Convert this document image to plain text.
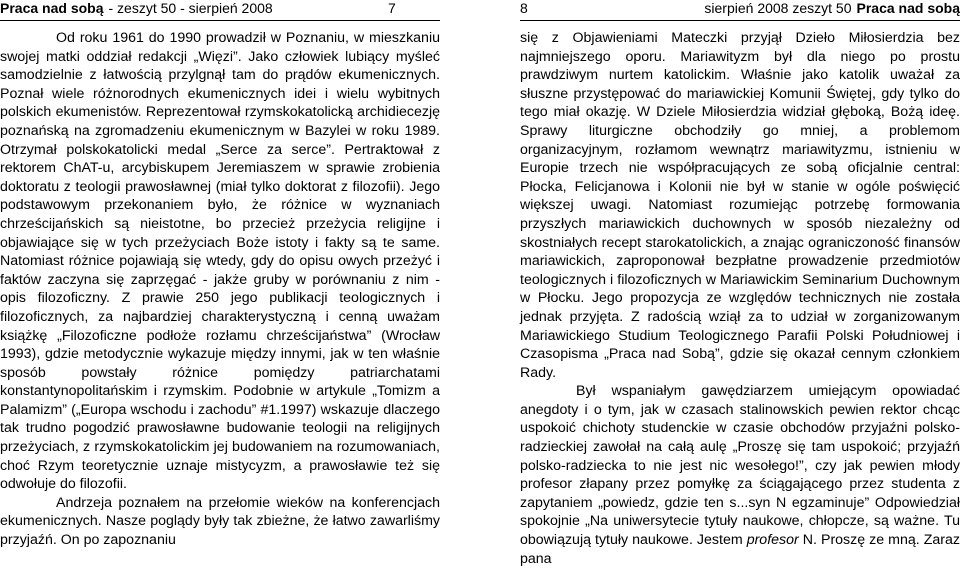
Praca nad sobą - zeszyt 50 - sierpień 2008	7

Od roku 1961 do 1990 prowadził w Poznaniu, w mieszkaniu swojej matki oddział redakcji „Więzi”. Jako człowiek lubiący myśleć samodzielnie z łatwością przylgnął tam do prądów ekumenicznych. Poznał wiele różnorodnych ekumenicznych idei i wielu wybitnych polskich ekumenistów. Reprezentował rzymskokatolicką archidiecezję poznańską na zgromadzeniu ekumenicznym w Bazylei w roku 1989. Otrzymał polskokatolicki medal „Serce za serce”. Pertraktował z rektorem ChAT-u, arcybiskupem Jeremiaszem w sprawie zrobienia doktoratu z teologii prawosławnej (miał tylko doktorat z filozofii). Jego podstawowym przekonaniem było, że różnice w wyznaniach chrześcijańskich są nieistotne, bo przecież przeżycia religijne i objawiające się w tych przeżyciach Boże istoty i fakty są te same. Natomiast różnice pojawiają się wtedy, gdy do opisu owych przeżyć i faktów zaczyna się zaprzęgać - jakże gruby w porównaniu z nim - opis filozoficzny. Z prawie 250 jego publikacji teologicznych i filozoficznych, za najbardziej charakterystyczną i cenną uważam książkę „Filozoficzne podłoże rozłamu chrześcijaństwa” (Wrocław 1993), gdzie metodycznie wykazuje między innymi, jak w ten właśnie sposób powstały różnice pomiędzy patriarchatami konstantynopolitańskim i rzymskim. Podobnie w artykule „Tomizm a Palamizm” („Europa wschodu i zachodu” #1.1997) wskazuje dlaczego tak trudno pogodzić prawosławne budowanie teologii na religijnych przeżyciach, z rzymskokatolickim jej budowaniem na rozumowaniach, choć Rzym teoretycznie uznaje mistycyzm, a prawosławie też się odwołuje do filozofii.

Andrzeja poznałem na przełomie wieków na konferencjach ekumenicznych. Nasze poglądy były tak zbieżne, że łatwo zawarliśmy przyjaźń. On po zapoznaniu

8	sierpień 2008 zeszyt 50 Praca nad sobą

się z Objawieniami Mateczki przyjął Dzieło Miłosierdzia bez najmniejszego oporu. Mariawityzm był dla niego po prostu prawdziwym nurtem katolickim. Właśnie jako katolik uważał za słuszne przystępować do mariawickiej Komunii Świętej, gdy tylko do tego miał okazję. W Dziele Miłosierdzia widział głęboką, Bożą ideę. Sprawy liturgiczne obchodziły go mniej, a problemom organizacyjnym, rozłamom wewnątrz mariawityzmu, istnieniu w Europie trzech nie współpracujących ze sobą oficjalnie central: Płocka, Felicjanowa i Kolonii nie był w stanie w ogóle poświęcić większej uwagi. Natomiast rozumiejąc potrzebę formowania przyszłych mariawickich duchownych w sposób niezależny od skostniałych recept starokatolickich, a znając ograniczoność finansów mariawickich, zaproponował bezpłatne prowadzenie przedmiotów teologicznych i filozoficznych w Mariawickim Seminarium Duchownym w Płocku. Jego propozycja ze względów technicznych nie została jednak przyjęta. Z radością wziął za to udział w zorganizowanym Mariawickiego Studium Teologicznego Parafii Polski Południowej i Czasopisma „Praca nad Sobą”, gdzie się okazał cennym członkiem Rady.

Był wspaniałym gawędziarzem umiejącym opowiadać anegdoty i o tym, jak w czasach stalinowskich pewien rektor chcąc uspokoić chichoty studenckie w czasie obchodów przyjaźni polsko-radzieckiej zawołał na całą aulę „Proszę się tam uspokoić; przyjaźń polsko-radziecka to nie jest nic wesołego!”, czy jak pewien młody profesor złapany przez pomyłkę za ściągającego przez studenta z zapytaniem „powiedz, gdzie ten s...syn N egzaminuje” Odpowiedział spokojnie „Na uniwersytecie tytuły naukowe, chłopcze, są ważne. Tu obowiązują tytuły naukowe. Jestem profesor N. Proszę ze mną. Zaraz pana
